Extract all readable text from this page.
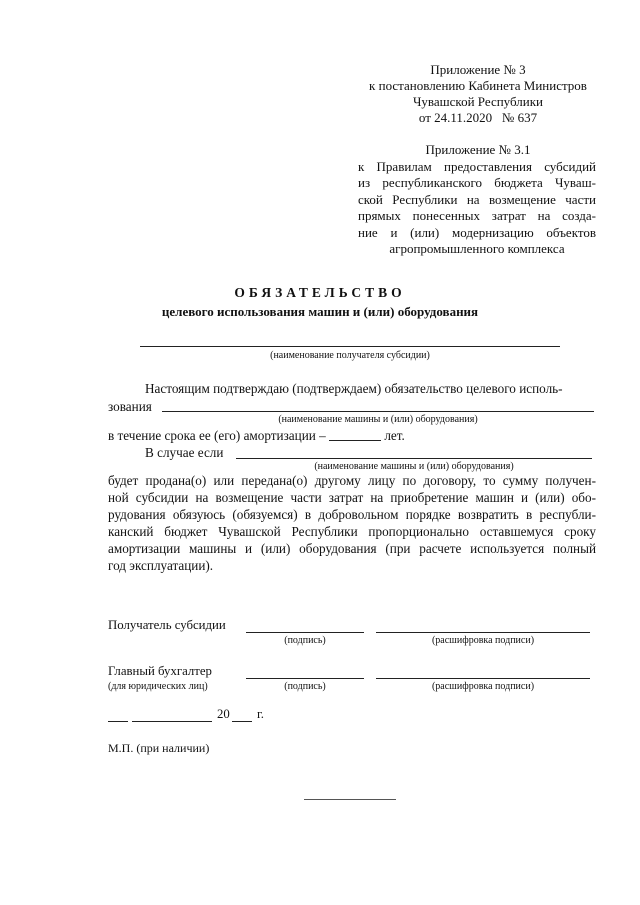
Приложение № 3
к постановлению Кабинета Министров
Чувашской Республики
от 24.11.2020   № 637
Приложение № 3.1
к Правилам предоставления субсидий
из республиканского бюджета Чуваш-
ской Республики на возмещение части
прямых понесенных затрат на созда-
ние и (или) модернизацию объектов
агропромышленного комплекса
ОБЯЗАТЕЛЬСТВО
целевого использования машин и (или) оборудования
(наименование получателя субсидии)
Настоящим подтверждаю (подтверждаем) обязательство целевого исполь-
зования
(наименование машины и (или) оборудования)
в течение срока ее (его) амортизации –	лет.
В случае если
(наименование машины и (или) оборудования)
будет продана(о) или передана(о) другому лицу по договору, то сумму получен-
ной субсидии на возмещение части затрат на приобретение машин и (или) обо-
рудования обязуюсь (обязуемся) в добровольном порядке возвратить в республи-
канский бюджет Чувашской Республики пропорционально оставшемуся сроку
амортизации машины и (или) оборудования (при расчете используется полный
год эксплуатации).
Получатель субсидии
(подпись)	(расшифровка подписи)
Главный бухгалтер
(для юридических лиц)	(подпись)	(расшифровка подписи)
20 г.
М.П. (при наличии)
